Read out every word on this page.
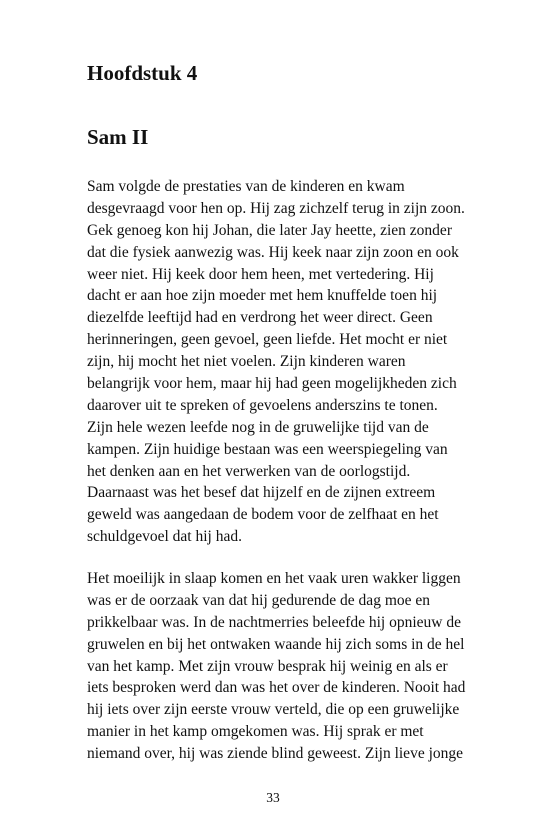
Hoofdstuk 4
Sam II
Sam volgde de prestaties van de kinderen en kwam
desgevraagd voor hen op. Hij zag zichzelf terug in zijn zoon.
Gek genoeg kon hij Johan, die later Jay heette, zien zonder
dat die fysiek aanwezig was. Hij keek naar zijn zoon en ook
weer niet. Hij keek door hem heen, met vertedering. Hij
dacht er aan hoe zijn moeder met hem knuffelde toen hij
diezelfde leeftijd had en verdrong het weer direct. Geen
herinneringen, geen gevoel, geen liefde. Het mocht er niet
zijn, hij mocht het niet voelen. Zijn kinderen waren
belangrijk voor hem, maar hij had geen mogelijkheden zich
daarover uit te spreken of gevoelens anderszins te tonen.
Zijn hele wezen leefde nog in de gruwelijke tijd van de
kampen. Zijn huidige bestaan was een weerspiegeling van
het denken aan en het verwerken van de oorlogstijd.
Daarnaast was het besef dat hijzelf en de zijnen extreem
geweld was aangedaan de bodem voor de zelfhaat en het
schuldgevoel dat hij had.
Het moeilijk in slaap komen en het vaak uren wakker liggen
was er de oorzaak van dat hij gedurende de dag moe en
prikkelbaar was. In de nachtmerries beleefde hij opnieuw de
gruwelen en bij het ontwaken waande hij zich soms in de hel
van het kamp. Met zijn vrouw besprak hij weinig en als er
iets besproken werd dan was het over de kinderen. Nooit had
hij iets over zijn eerste vrouw verteld, die op een gruwelijke
manier in het kamp omgekomen was. Hij sprak er met
niemand over, hij was ziende blind geweest. Zijn lieve jonge
33
